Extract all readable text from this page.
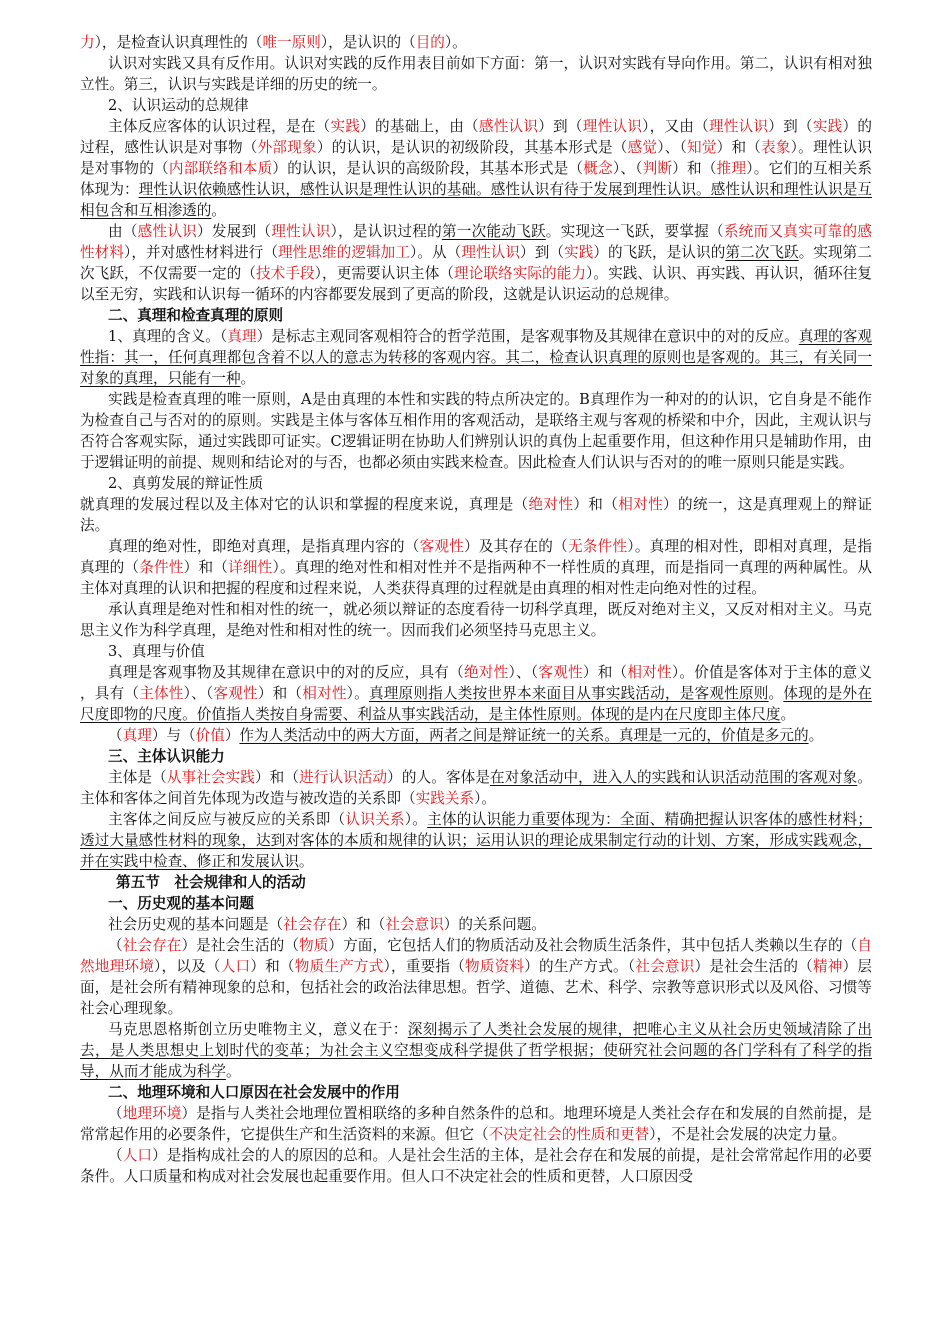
力），是检查认识真理性的（唯一原则），是认识的（目的）。

认识对实践又具有反作用。认识对实践的反作用表目前如下方面：第一，认识对实践有导向作用。第二，认识有相对独立性。第三，认识与实践是详细的历史的统一。

2、认识运动的总规律

主体反应客体的认识过程，是在（实践）的基础上，由（感性认识）到（理性认识），又由（理性认识）到（实践）的过程，感性认识是对事物（外部现象）的认识，是认识的初级阶段，其基本形式是（感觉）、（知觉）和（表象）。理性认识是对事物的（内部联络和本质）的认识，是认识的高级阶段，其基本形式是（概念）、（判断）和（推理）。它们的互相关系体现为：理性认识依赖感性认识，感性认识是理性认识的基础。感性认识有待于发展到理性认识。感性认识和理性认识是互相包含和互相渗透的。

由（感性认识）发展到（理性认识），是认识过程的第一次能动飞跃。实现这一飞跃，要掌握（系统而又真实可靠的感性材料），并对感性材料进行（理性思维的逻辑加工）。从（理性认识）到（实践）的飞跃，是认识的第二次飞跃。实现第二次飞跃，不仅需要一定的（技术手段），更需要认识主体（理论联络实际的能力）。实践、认识、再实践、再认识，循环往复以至无穷，实践和认识每一循环的内容都要发展到了更高的阶段，这就是认识运动的总规律。

二、真理和检查真理的原则

1、真理的含义。（真理）是标志主观同客观相符合的哲学范围，是客观事物及其规律在意识中的对的反应。真理的客观性指：其一，任何真理都包含着不以人的意志为转移的客观内容。其二，检查认识真理的原则也是客观的。其三，有关同一对象的真理，只能有一种。

实践是检查真理的唯一原则，A是由真理的本性和实践的特点所决定的。B真理作为一种对的的认识，它自身是不能作为检查自己与否对的的原则。实践是主体与客体互相作用的客观活动，是联络主观与客观的桥梁和中介，因此，主观认识与否符合客观实际，通过实践即可证实。C逻辑证明在协助人们辨别认识的真伪上起重要作用，但这种作用只是辅助作用，由于逻辑证明的前提、规则和结论对的与否，也都必须由实践来检查。因此检查人们认识与否对的的唯一原则只能是实践。

2、真剪发展的辩证性质

就真理的发展过程以及主体对它的认识和掌握的程度来说，真理是（绝对性）和（相对性）的统一，这是真理观上的辩证法。

真理的绝对性，即绝对真理，是指真理内容的（客观性）及其存在的（无条件性）。真理的相对性，即相对真理，是指真理的（条件性）和（详细性）。真理的绝对性和相对性并不是指两种不一样性质的真理，而是指同一真理的两种属性。从主体对真理的认识和把握的程度和过程来说，人类获得真理的过程就是由真理的相对性走向绝对性的过程。

承认真理是绝对性和相对性的统一，就必须以辩证的态度看待一切科学真理，既反对绝对主义，又反对相对主义。马克思主义作为科学真理，是绝对性和相对性的统一。因而我们必须坚持马克思主义。

3、真理与价值

真理是客观事物及其规律在意识中的对的反应，具有（绝对性）、（客观性）和（相对性）。价值是客体对于主体的意义 ，具有（主体性）、（客观性）和（相对性）。真理原则指人类按世界本来面目从事实践活动，是客观性原则。体现的是外在尺度即物的尺度。价值指人类按自身需要、利益从事实践活动，是主体性原则。体现的是内在尺度即主体尺度。

（真理）与（价值）作为人类活动中的两大方面，两者之间是辩证统一的关系。真理是一元的，价值是多元的。

三、主体认识能力

主体是（从事社会实践）和（进行认识活动）的人。客体是在对象活动中，进入人的实践和认识活动范围的客观对象。主体和客体之间首先体现为改造与被改造的关系即（实践关系）。

主客体之间反应与被反应的关系即（认识关系）。主体的认识能力重要体现为：全面、精确把握认识客体的感性材料；透过大量感性材料的现象，达到对客体的本质和规律的认识；运用认识的理论成果制定行动的计划、方案，形成实践观念，并在实践中检查、修正和发展认识。

第五节　社会规律和人的活动

一、历史观的基本问题

社会历史观的基本问题是（社会存在）和（社会意识）的关系问题。

（社会存在）是社会生活的（物质）方面，它包括人们的物质活动及社会物质生活条件，其中包括人类赖以生存的（自然地理环境），以及（人口）和（物质生产方式），重要指（物质资料）的生产方式。（社会意识）是社会生活的（精神）层面，是社会所有精神现象的总和，包括社会的政治法律思想。哲学、道德、艺术、科学、宗教等意识形式以及风俗、习惯等社会心理现象。

马克思恩格斯创立历史唯物主义，意义在于：深刻揭示了人类社会发展的规律，把唯心主义从社会历史领域清除了出去，是人类思想史上划时代的变革；为社会主义空想变成科学提供了哲学根据；使研究社会问题的各门学科有了科学的指导，从而才能成为科学。

二、地理环境和人口原因在社会发展中的作用

（地理环境）是指与人类社会地理位置相联络的多种自然条件的总和。地理环境是人类社会存在和发展的自然前提，是常常起作用的必要条件，它提供生产和生活资料的来源。但它（不决定社会的性质和更替），不是社会发展的决定力量。

（人口）是指构成社会的人的原因的总和。人是社会生活的主体，是社会存在和发展的前提，是社会常常起作用的必要条件。人口质量和构成对社会发展也起重要作用。但人口不决定社会的性质和更替，人口原因受
